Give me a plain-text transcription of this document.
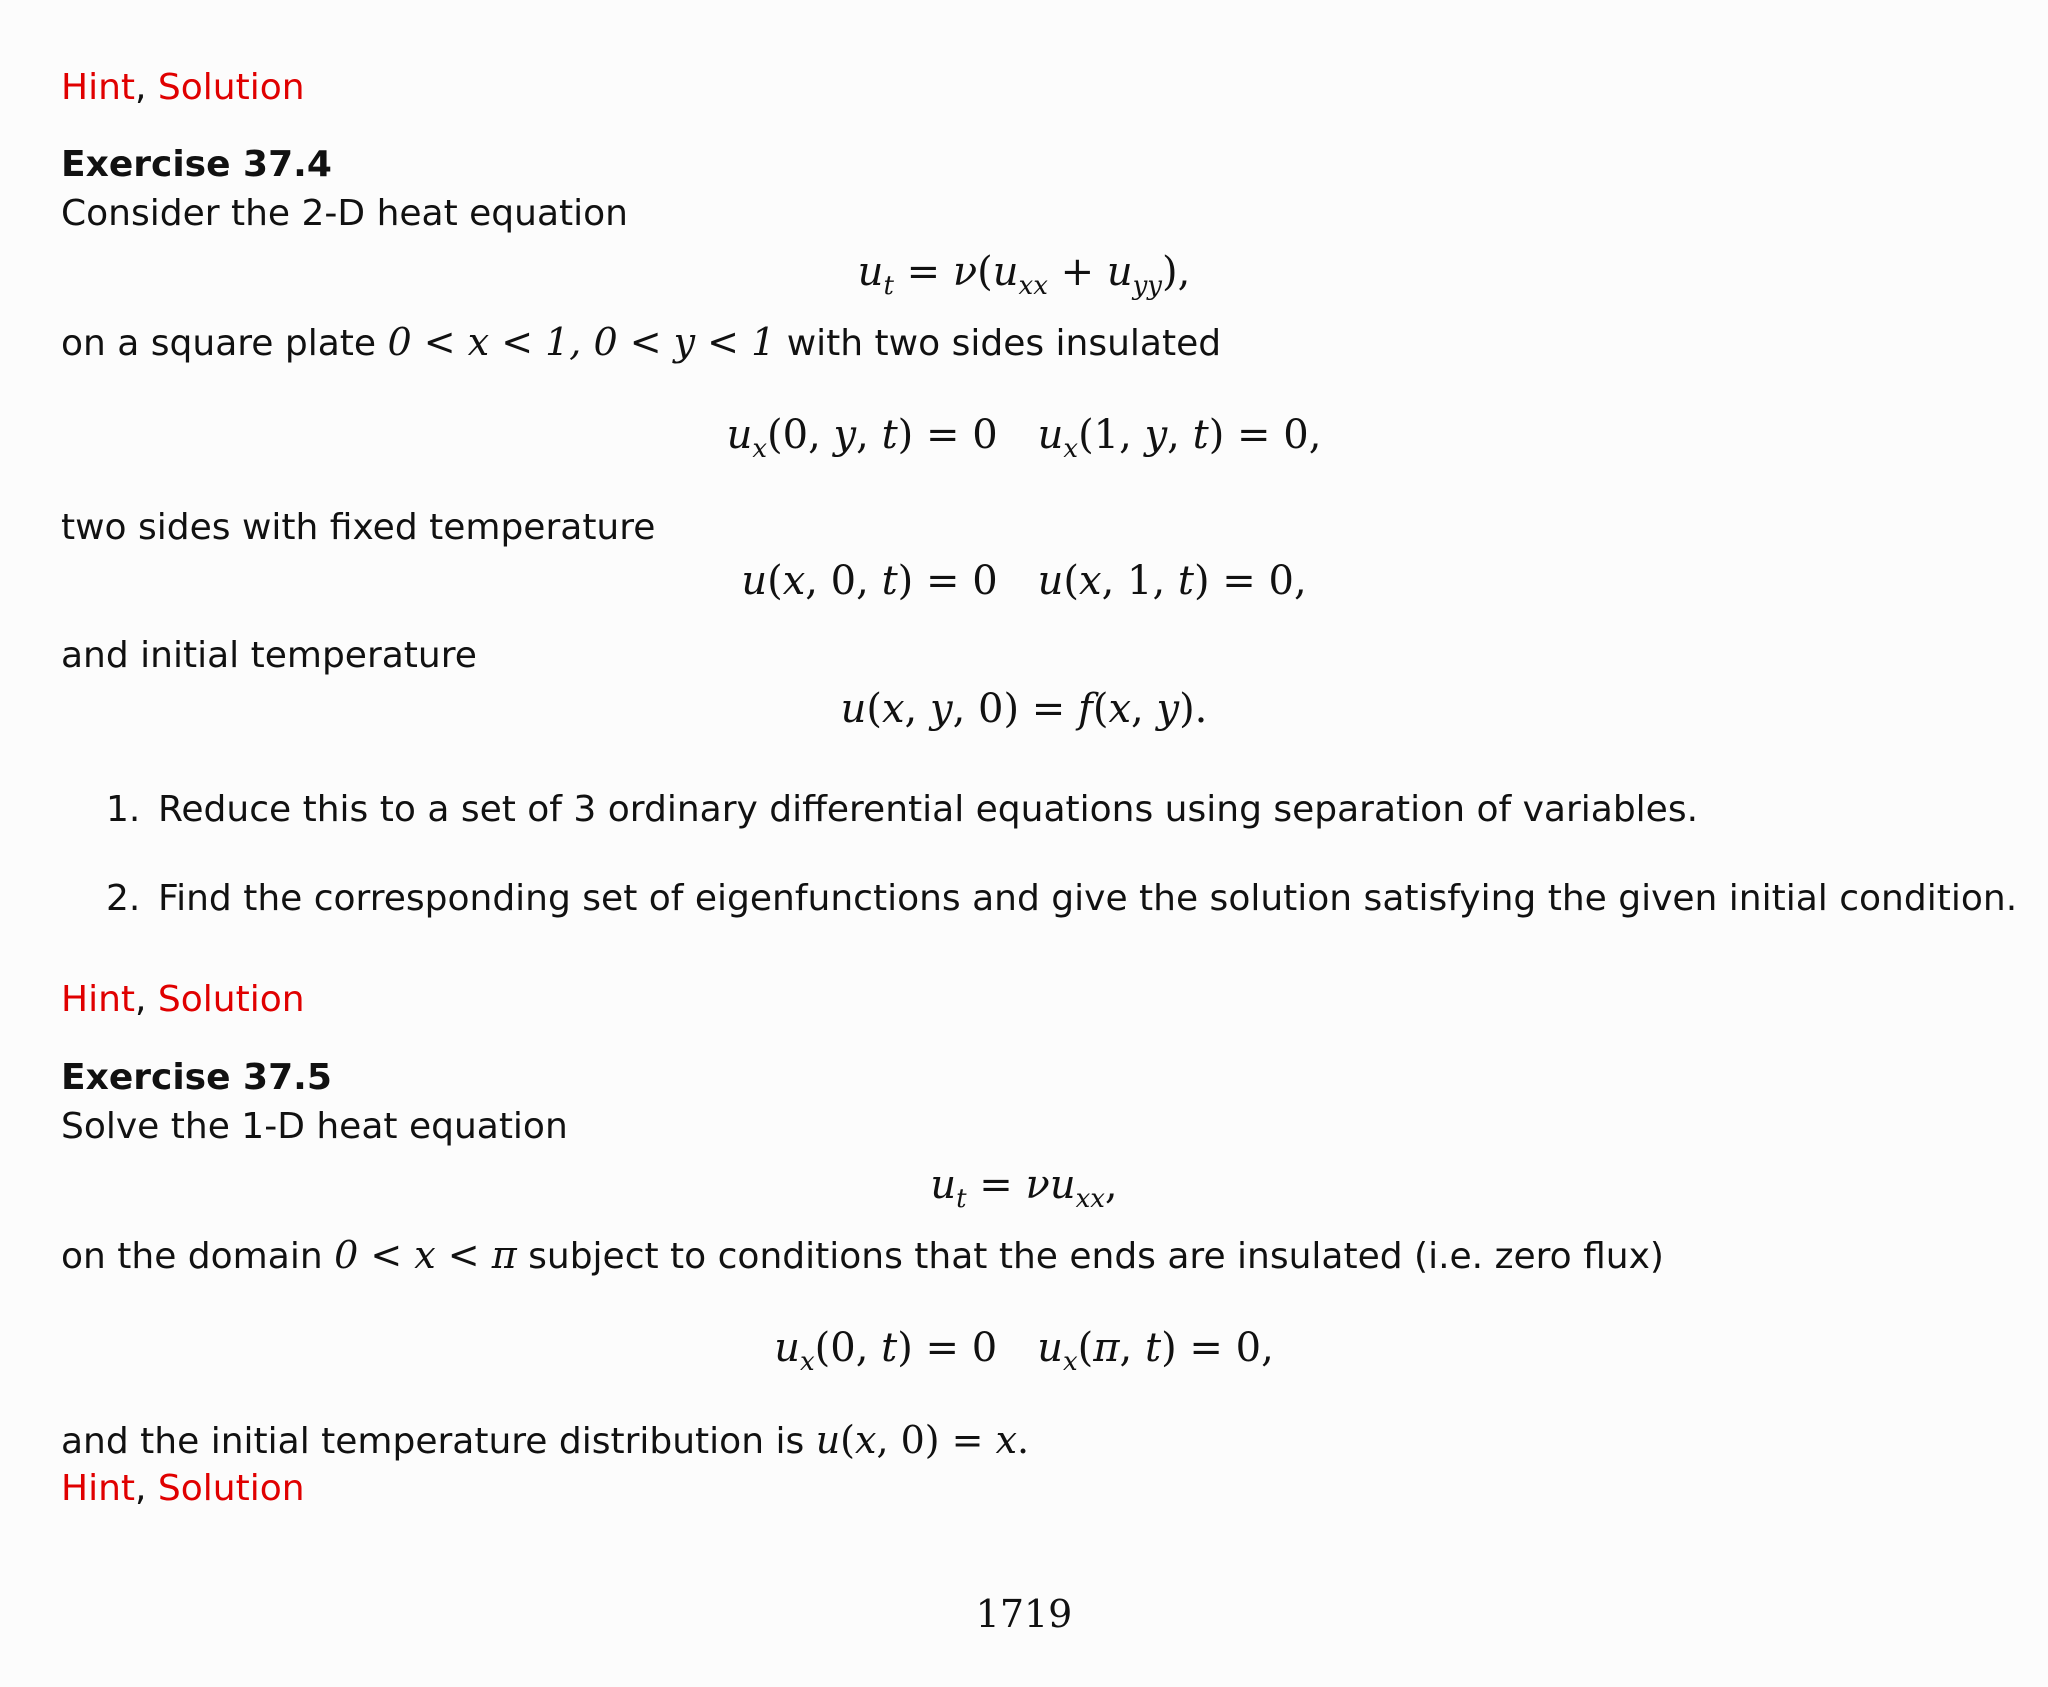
Hint, Solution
Exercise 37.4
Consider the 2-D heat equation
$u_t = \nu(u_{xx} + u_{yy})$,
on a square plate 0 < x < 1, 0 < y < 1 with two sides insulated
$u_x(0$, y, t) = 0 $u_x(1$, y, t) = 0,
two sides with fixed temperature
u(x, 0, t) = 0 u(x, 1, t) = 0,
and initial temperature
u(x, y, 0) = f(x, y).
1. Reduce this to a set of 3 ordinary differential equations using separation of variables.
2. Find the corresponding set of eigenfunctions and give the solution satisfying the given initial condition.
Hint, Solution
Exercise 37.5
Solve the 1-D heat equation
$u_t = \nu u_{xx}$,
on the domain 0 < x < π subject to conditions that the ends are insulated (i.e. zero flux)
$u_x(0$, t) = 0 $u_x(\pi$, t) = 0,
and the initial temperature distribution is u(x, 0) = x.
Hint, Solution
1719
